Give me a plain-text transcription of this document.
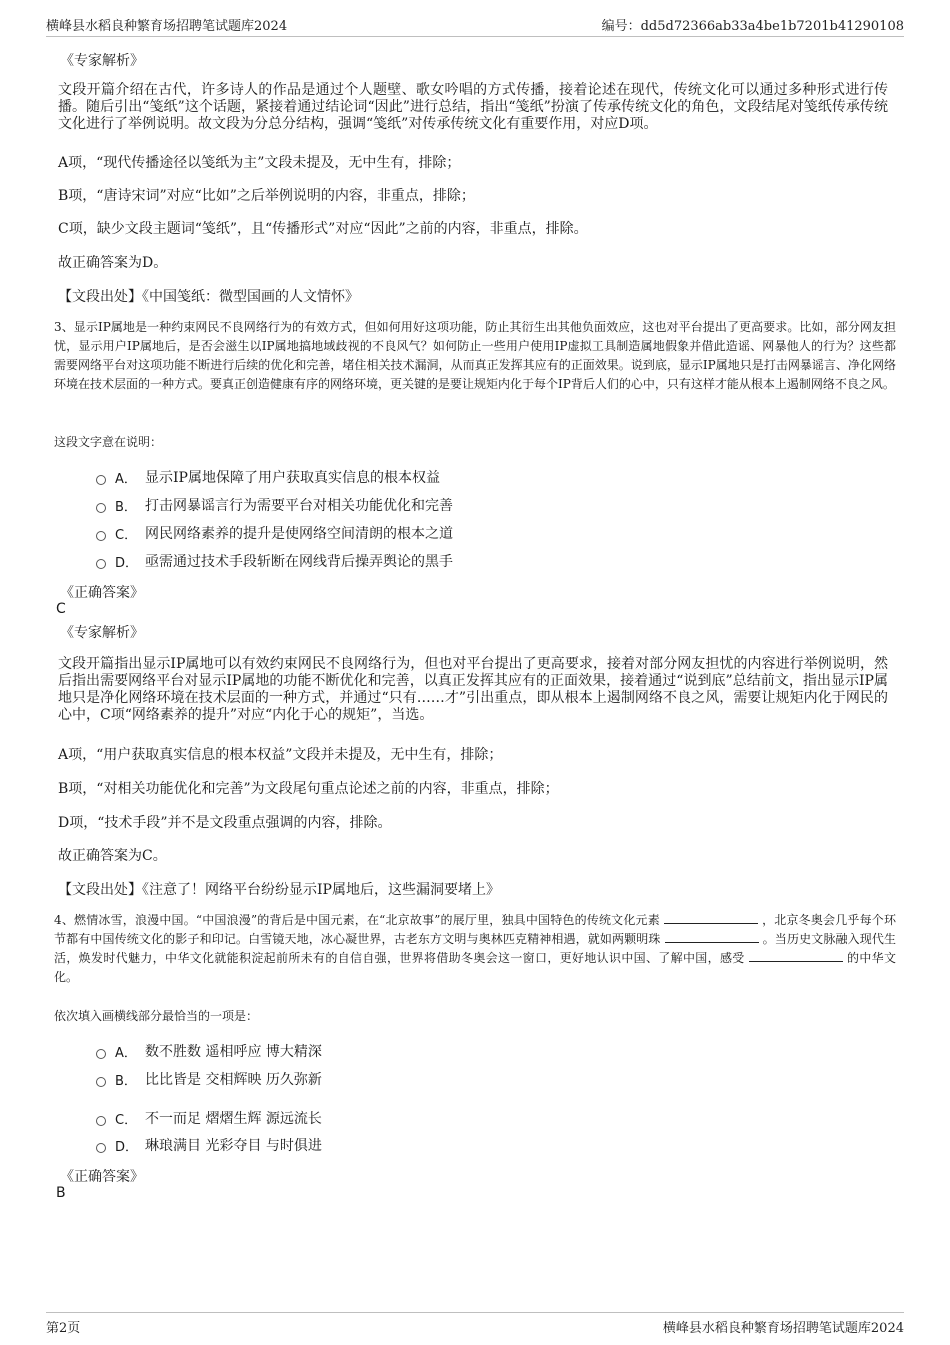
横峰县水稻良种繁育场招聘笔试题库2024	编号：dd5d72366ab33a4be1b7201b41290108
《专家解析》
文段开篇介绍在古代，许多诗人的作品是通过个人题壁、歌女吟唱的方式传播，接着论述在现代，传统文化可以通过多种形式进行传播。随后引出“笺纸”这个话题，紧接着通过结论词“因此”进行总结，指出“笺纸”扮演了传承传统文化的角色，文段结尾对笺纸传承传统文化进行了举例说明。故文段为分总分结构，强调“笺纸”对传承传统文化有重要作用，对应D项。
A项，“现代传播途径以笺纸为主”文段未提及，无中生有，排除；
B项，“唐诗宋词”对应“比如”之后举例说明的内容，非重点，排除；
C项，缺少文段主题词“笺纸”，且“传播形式”对应“因此”之前的内容，非重点，排除。
故正确答案为D。
【文段出处】《中国笺纸：微型国画的人文情怀》
3、显示IP属地是一种约束网民不良网络行为的有效方式，但如何用好这项功能，防止其衍生出其他负面效应，这也对平台提出了更高要求。比如，部分网友担忧，显示用户IP属地后，是否会滋生以IP属地搞地域歧视的不良风气？如何防止一些用户使用IP虚拟工具制造属地假象并借此造谣、网暴他人的行为？这些都需要网络平台对这项功能不断进行后续的优化和完善，堵住相关技术漏洞，从而真正发挥其应有的正面效果。说到底，显示IP属地只是打击网暴谣言、净化网络环境在技术层面的一种方式。要真正创造健康有序的网络环境，更关键的是要让规矩内化于每个IP背后人们的心中，只有这样才能从根本上遏制网络不良之风。
这段文字意在说明：
A． 显示IP属地保障了用户获取真实信息的根本权益
B． 打击网暴谣言行为需要平台对相关功能优化和完善
C． 网民网络素养的提升是使网络空间清朗的根本之道
D． 亟需通过技术手段斩断在网线背后操弄舆论的黑手
《正确答案》
C
《专家解析》
文段开篇指出显示IP属地可以有效约束网民不良网络行为，但也对平台提出了更高要求，接着对部分网友担忧的内容进行举例说明，然后指出需要网络平台对显示IP属地的功能不断优化和完善，以真正发挥其应有的正面效果，接着通过“说到底”总结前文，指出显示IP属地只是净化网络环境在技术层面的一种方式，并通过“只有……才”引出重点，即从根本上遏制网络不良之风，需要让规矩内化于网民的心中，C项“网络素养的提升”对应“内化于心的规矩”，当选。
A项，“用户获取真实信息的根本权益”文段并未提及，无中生有，排除；
B项，“对相关功能优化和完善”为文段尾句重点论述之前的内容，非重点，排除；
D项，“技术手段”并不是文段重点强调的内容，排除。
故正确答案为C。
【文段出处】《注意了！网络平台纷纷显示IP属地后，这些漏洞要堵上》
4、燃情冰雪，浪漫中国。“中国浪漫”的背后是中国元素，在“北京故事”的展厅里，独具中国特色的传统文化元素	，北京冬奥会几乎每个环节都有中国传统文化的影子和印记。白雪镜天地，冰心凝世界，古老东方文明与奥林匹克精神相遇，就如两颗明珠	。当历史文脉融入现代生活，焕发时代魅力，中华文化就能积淀起前所未有的自信自强，世界将借助冬奥会这一窗口，更好地认识中国、了解中国，感受	的中华文化。
依次填入画横线部分最恰当的一项是：
A． 数不胜数 遥相呼应 博大精深
B． 比比皆是 交相辉映 历久弥新
C． 不一而足 熠熠生辉 源远流长
D． 琳琅满目 光彩夺目 与时俱进
《正确答案》
B
第2页	横峰县水稻良种繁育场招聘笔试题库2024
